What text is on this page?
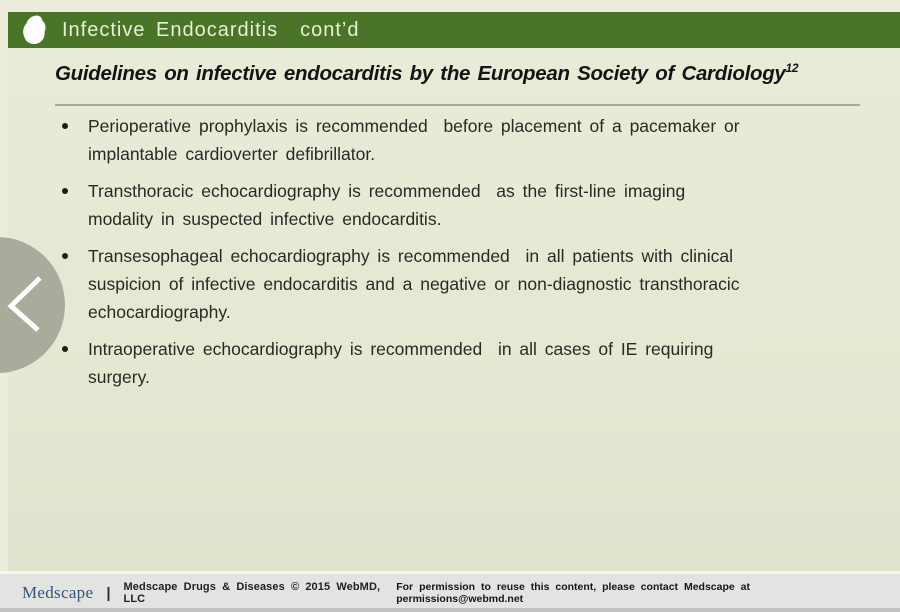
Infective Endocarditis cont’d
Guidelines on infective endocarditis by the European Society of Cardiology$^{12}$
Perioperative prophylaxis is recommended  before placement of a pacemaker or
implantable cardioverter defibrillator.
Transthoracic echocardiography is recommended  as the first-line imaging
modality in suspected infective endocarditis.
Transesophageal echocardiography is recommended  in all patients with clinical
suspicion of infective endocarditis and a negative or non-diagnostic transthoracic
echocardiography.
Intraoperative echocardiography is recommended  in all cases of IE requiring
surgery.
Medscape | Medscape Drugs & Diseases © 2015 WebMD, LLC
For permission to reuse this content, please contact Medscape at permissions@webmd.net
